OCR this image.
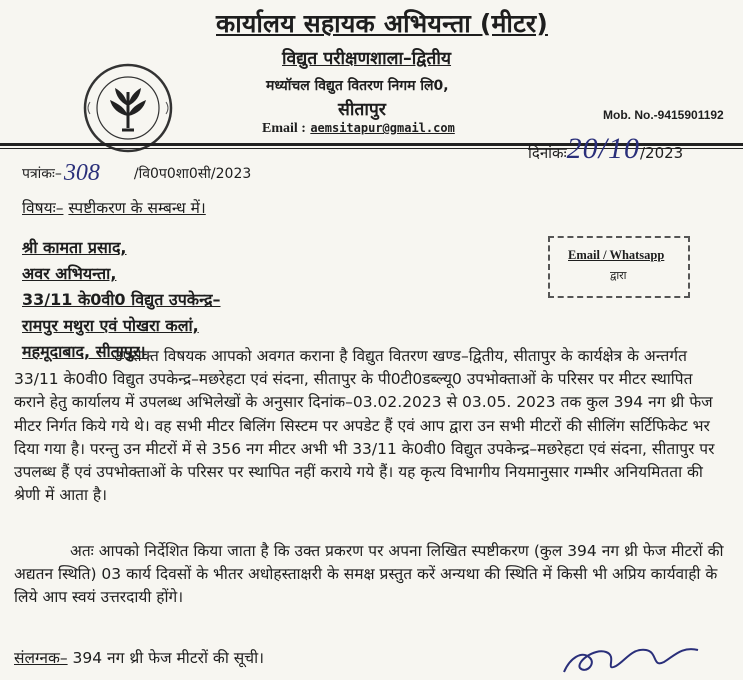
कार्यालय सहायक अभियन्ता (मीटर)
विद्युत परीक्षणशाला–द्वितीय
मध्यॉचल विद्युत वितरण निगम लि0,
सीतापुर
Email : aemsitapur@gmail.com
Mob. No.-9415901192
दिनांकः20/10/2023
पत्रांकः–308 /वि0प0शा0सी/2023
विषयः– स्पष्टीकरण के सम्बन्ध में।
श्री कामता प्रसाद,
अवर अभियन्ता,
33/11 के0वी0 विद्युत उपकेन्द्र–
रामपुर मथुरा एवं पोखरा कलां,
महमूदाबाद, सीतापुर।
Email / Whatsapp
द्वारा
उपरोक्त विषयक आपको अवगत कराना है विद्युत वितरण खण्ड–द्वितीय, सीतापुर के कार्यक्षेत्र के अन्तर्गत 33/11 के0वी0 विद्युत उपकेन्द्र–मछरेहटा एवं संदना, सीतापुर के पी0टी0डब्ल्यू0 उपभोक्ताओं के परिसर पर मीटर स्थापित कराने हेतु कार्यालय में उपलब्ध अभिलेखों के अनुसार दिनांक–03.02.2023 से 03.05. 2023 तक कुल 394 नग थ्री फेज मीटर निर्गत किये गये थे। वह सभी मीटर बिलिंग सिस्टम पर अपडेट हैं एवं आप द्वारा उन सभी मीटरों की सीलिंग सर्टिफिकेट भर दिया गया है। परन्तु उन मीटरों में से 356 नग मीटर अभी भी 33/11 के0वी0 विद्युत उपकेन्द्र–मछरेहटा एवं संदना, सीतापुर पर उपलब्ध हैं एवं उपभोक्ताओं के परिसर पर स्थापित नहीं कराये गये हैं। यह कृत्य विभागीय नियमानुसार गम्भीर अनियमितता की श्रेणी में आता है।
अतः आपको निर्देशित किया जाता है कि उक्त प्रकरण पर अपना लिखित स्पष्टीकरण (कुल 394 नग थ्री फेज मीटरों की अद्यतन स्थिति) 03 कार्य दिवसों के भीतर अधोहस्ताक्षरी के समक्ष प्रस्तुत करें अन्यथा की स्थिति में किसी भी अप्रिय कार्यवाही के लिये आप स्वयं उत्तरदायी होंगे।
संलग्नक– 394 नग थ्री फेज मीटरों की सूची।
